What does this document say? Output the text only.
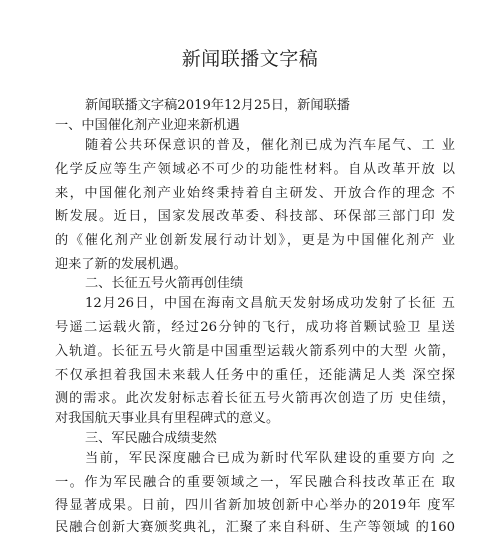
新闻联播文字稿
新闻联播文字稿2019年12月25日，新闻联播
一、中国催化剂产业迎来新机遇
随着公共环保意识的普及，催化剂已成为汽车尾气、工 业
化学反应等生产领域必不可少的功能性材料。自从改革开放 以
来，中国催化剂产业始终秉持着自主研发、开放合作的理念 不
断发展。近日，国家发展改革委、科技部、环保部三部门印 发
的《催化剂产业创新发展行动计划》，更是为中国催化剂产 业
迎来了新的发展机遇。
二、长征五号火箭再创佳绩
12月26日，中国在海南文昌航天发射场成功发射了长征 五
号遥二运载火箭，经过26分钟的飞行，成功将首颗试验卫 星送
入轨道。长征五号火箭是中国重型运载火箭系列中的大型 火箭，
不仅承担着我国未来载人任务中的重任，还能满足人类 深空探
测的需求。此次发射标志着长征五号火箭再次创造了历 史佳绩，
对我国航天事业具有里程碑式的意义。
三、军民融合成绩斐然
当前，军民深度融合已成为新时代军队建设的重要方向 之
一。作为军民融合的重要领域之一，军民融合科技改革正在 取
得显著成果。日前，四川省新加坡创新中心举办的2019年 度军
民融合创新大赛颁奖典礼，汇聚了来自科研、生产等领域 的160
